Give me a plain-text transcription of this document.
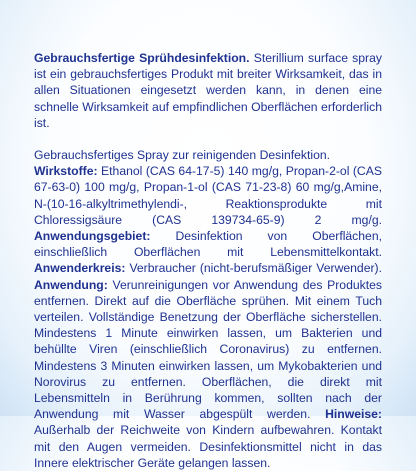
Gebrauchsfertige Sprühdesinfektion. Sterillium surface spray ist ein gebrauchsfertiges Produkt mit breiter Wirksamkeit, das in allen Situationen eingesetzt werden kann, in denen eine schnelle Wirksamkeit auf empfindlichen Oberflächen erforderlich ist.

Gebrauchsfertiges Spray zur reinigenden Desinfektion.
Wirkstoffe: Ethanol (CAS 64-17-5) 140 mg/g, Propan-2-ol (CAS 67-63-0) 100 mg/g, Propan-1-ol (CAS 71-23-8) 60 mg/g,Amine, N-(10-16-alkyltrimethylendi-, Reaktionsprodukte mit Chloressigsäure (CAS 139734-65-9) 2 mg/g. Anwendungsgebiet: Desinfektion von Oberflächen, einschließlich Oberflächen mit Lebensmittelkontakt. Anwenderkreis: Verbraucher (nicht-berufsmäßiger Verwender). Anwendung: Verunreinigungen vor Anwendung des Produktes entfernen. Direkt auf die Oberfläche sprühen. Mit einem Tuch verteilen. Vollständige Benetzung der Oberfläche sicherstellen. Mindestens 1 Minute einwirken lassen, um Bakterien und behüllte Viren (einschließlich Coronavirus) zu entfernen. Mindestens 3 Minuten einwirken lassen, um Mykobakterien und Norovirus zu entfernen. Oberflächen, die direkt mit Lebensmitteln in Berührung kommen, sollten nach der Anwendung mit Wasser abgespült werden. Hinweise: Außerhalb der Reichweite von Kindern aufbewahren. Kontakt mit den Augen vermeiden. Desinfektionsmittel nicht in das Innere elektrischer Geräte gelangen lassen.
